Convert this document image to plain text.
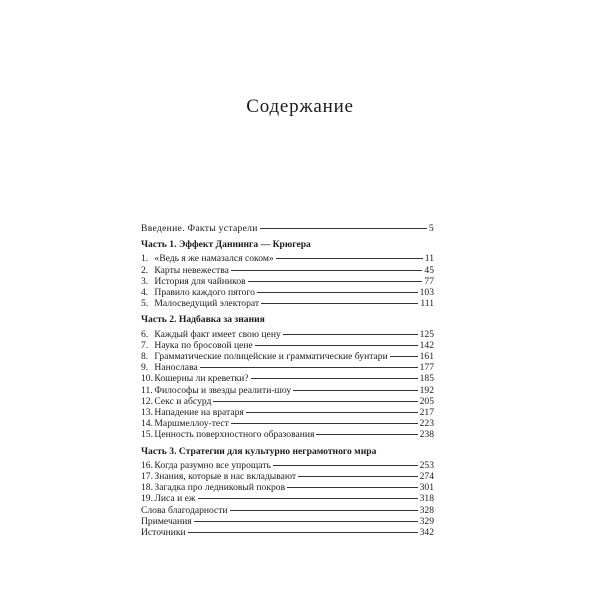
Содержание
Введение. Факты устарели	5
Часть 1. Эффект Даннинга — Крюгера
1. «Ведь я же намазался соком»	11
2. Карты невежества	45
3. История для чайников	77
4. Правило каждого пятого	103
5. Малосведущий электорат	111
Часть 2. Надбавка за знания
6. Каждый факт имеет свою цену	125
7. Наука по бросовой цене	142
8. Грамматические полицейские и грамматические бунтари	161
9. Нанослава	177
10. Кошерны ли креветки?	185
11. Философы и звезды реалити-шоу	192
12. Секс и абсурд	205
13. Нападение на вратаря	217
14. Маршмеллоу-тест	223
15. Ценность поверхностного образования	238
Часть 3. Стратегии для культурно неграмотного мира
16. Когда разумно все упрощать	253
17. Знания, которые в нас вкладывают	274
18. Загадка про ледниковый покров	301
19. Лиса и еж	318
Слова благодарности	328
Примечания	329
Источники	342
